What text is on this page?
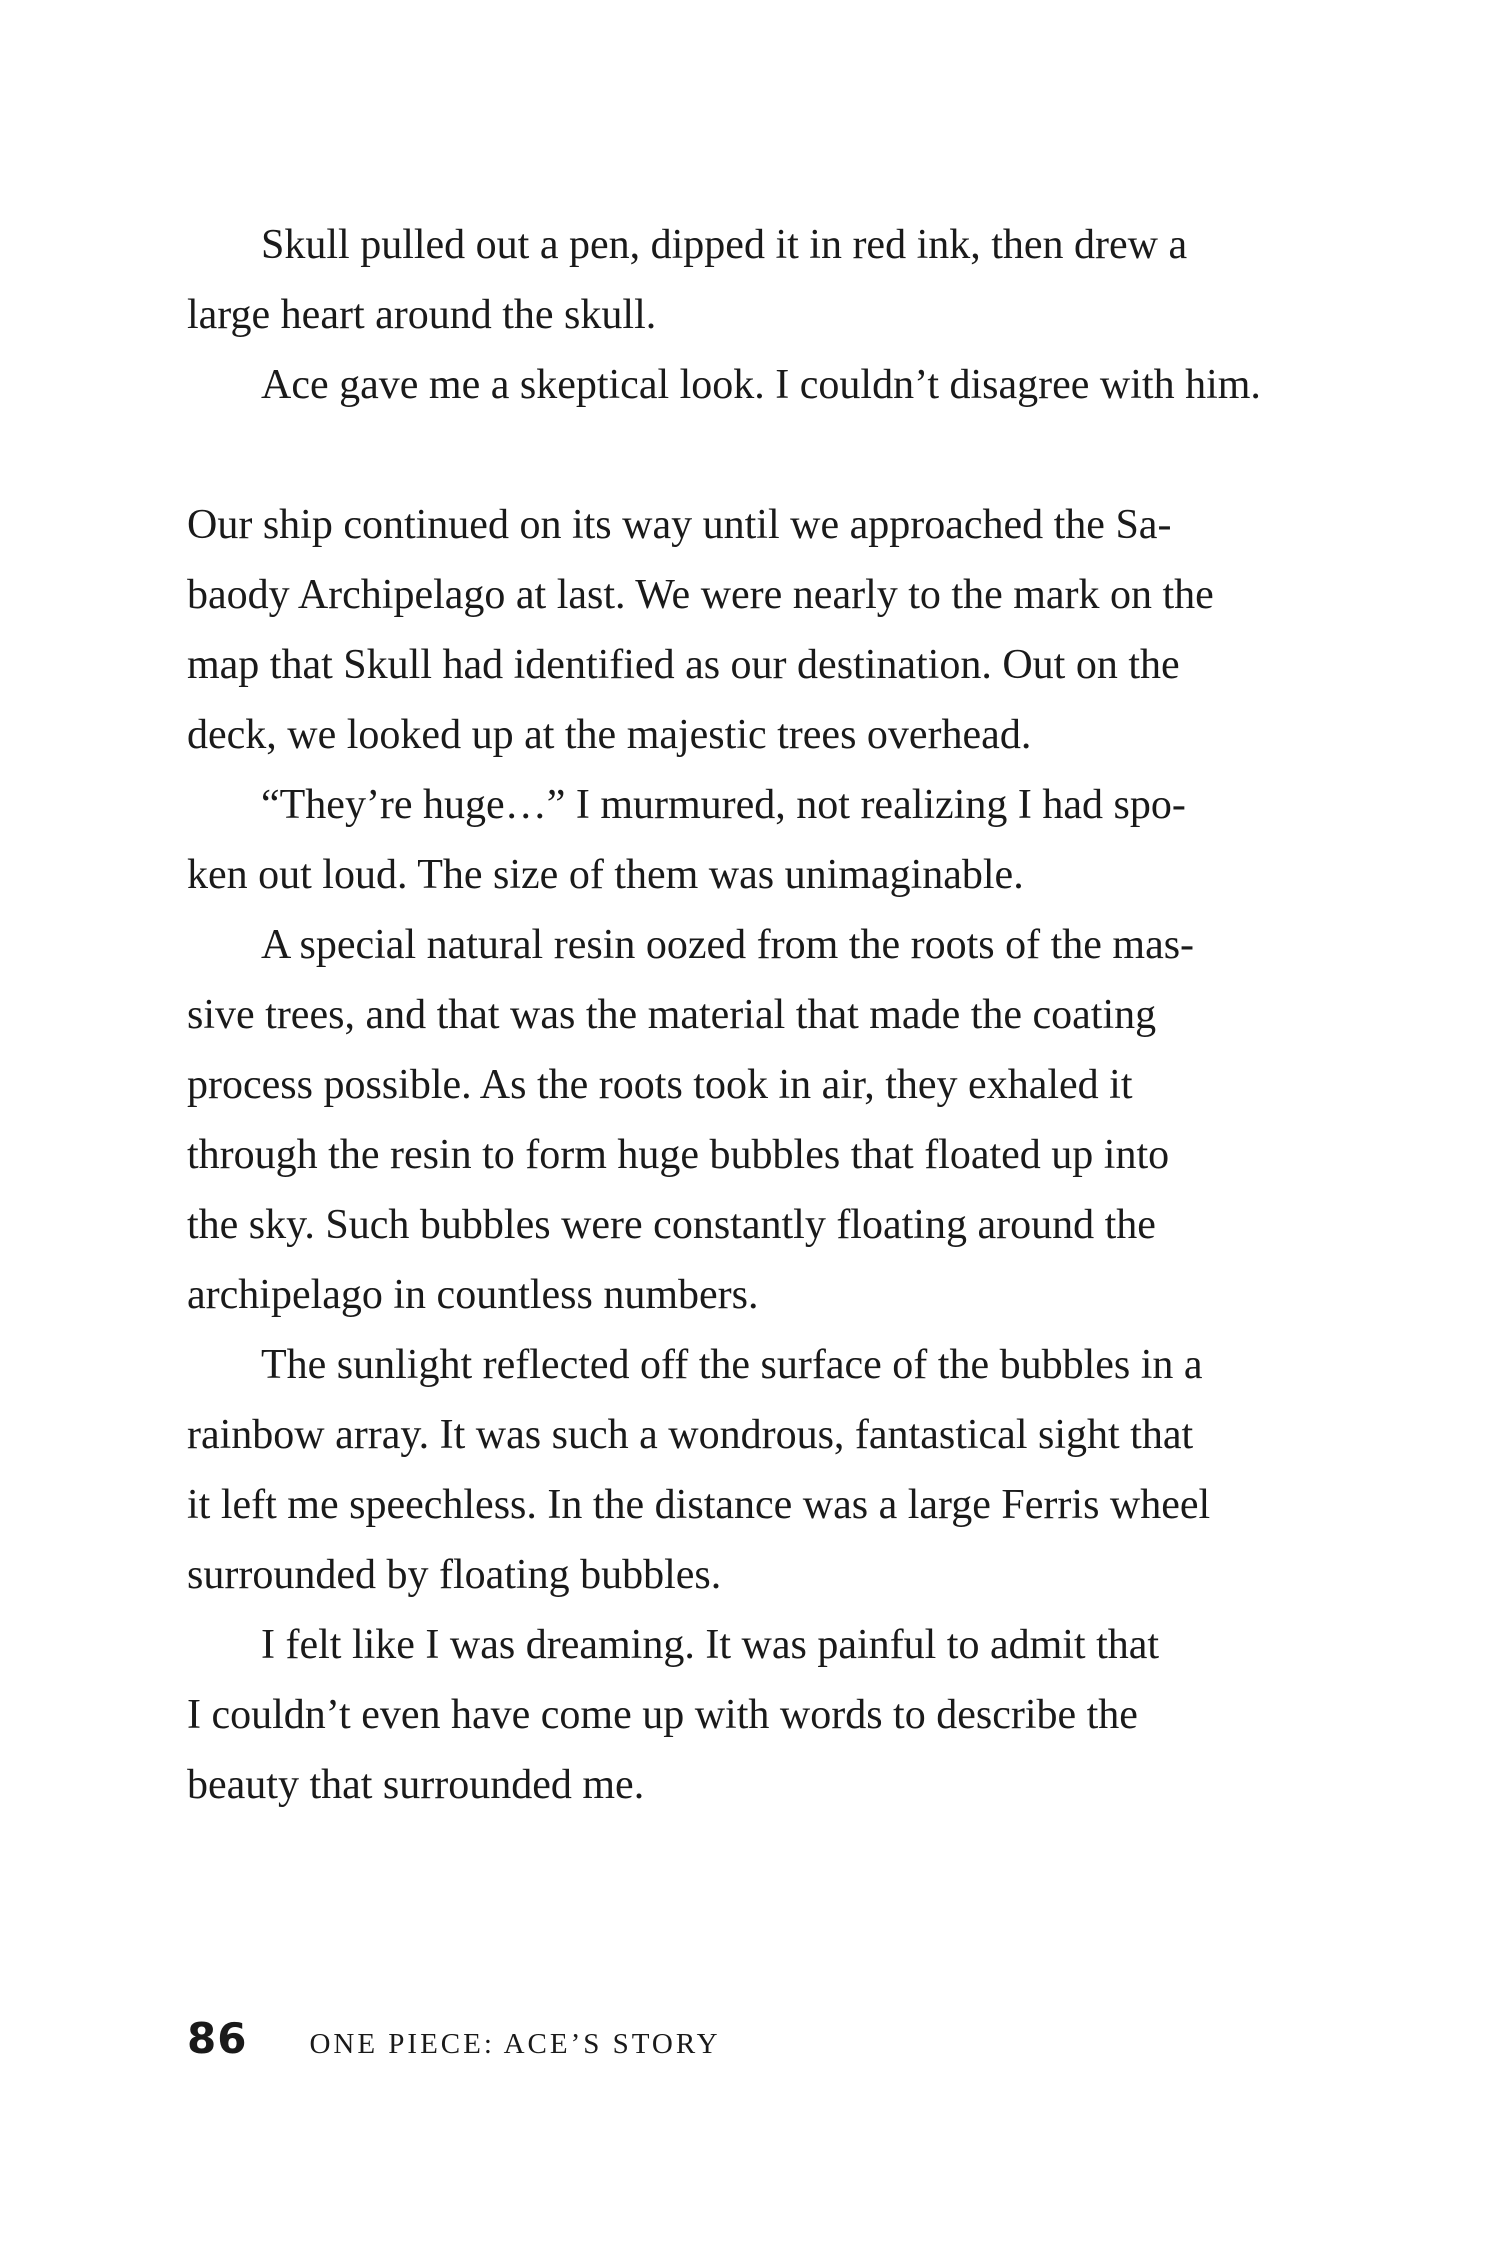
Skull pulled out a pen, dipped it in red ink, then drew a
large heart around the skull.
Ace gave me a skeptical look. I couldn’t disagree with him.
Our ship continued on its way until we approached the Sa-
baody Archipelago at last. We were nearly to the mark on the
map that Skull had identified as our destination. Out on the
deck, we looked up at the majestic trees overhead.
“They’re huge…” I murmured, not realizing I had spo-
ken out loud. The size of them was unimaginable.
A special natural resin oozed from the roots of the mas-
sive trees, and that was the material that made the coating
process possible. As the roots took in air, they exhaled it
through the resin to form huge bubbles that floated up into
the sky. Such bubbles were constantly floating around the
archipelago in countless numbers.
The sunlight reflected off the surface of the bubbles in a
rainbow array. It was such a wondrous, fantastical sight that
it left me speechless. In the distance was a large Ferris wheel
surrounded by floating bubbles.
I felt like I was dreaming. It was painful to admit that
I couldn’t even have come up with words to describe the
beauty that surrounded me.
86 ONE PIECE: ACE’S STORY
